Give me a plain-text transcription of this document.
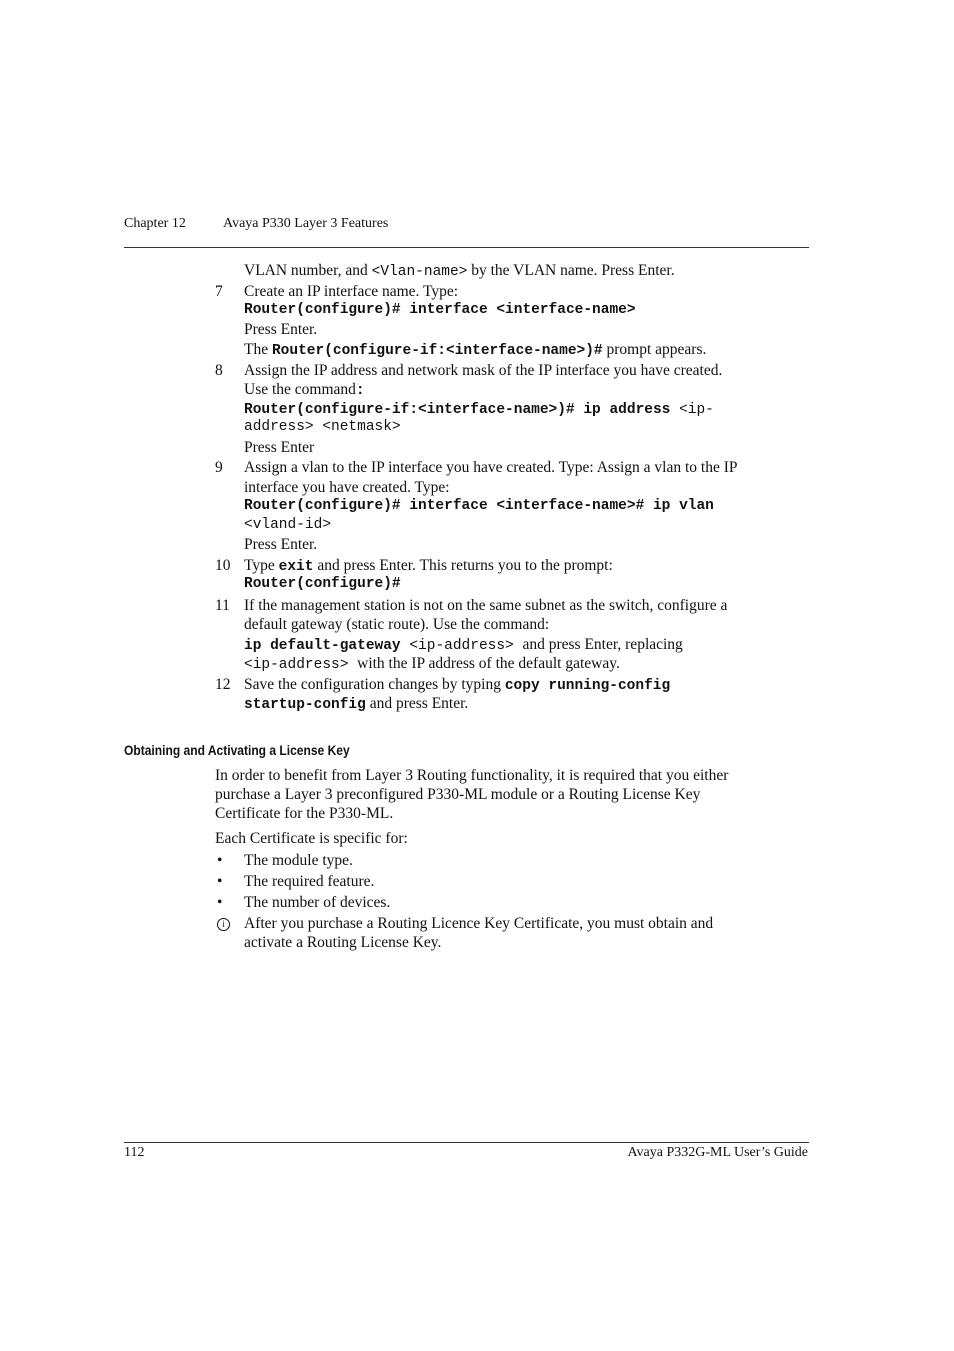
Chapter 12	Avaya P330 Layer 3 Features
VLAN number, and <Vlan-name> by the VLAN name. Press Enter.
7 Create an IP interface name. Type:
Router(configure)# interface <interface-name>
Press Enter.
The Router(configure-if:<interface-name>)# prompt appears.
8 Assign the IP address and network mask of the IP interface you have created.
Use the command:
Router(configure-if:<interface-name>)# ip address <ip-
address> <netmask>
Press Enter
9 Assign a vlan to the IP interface you have created. Type: Assign a vlan to the IP
interface you have created. Type:
Router(configure)# interface <interface-name># ip vlan
<vland-id>
Press Enter.
10 Type exit and press Enter. This returns you to the prompt:
Router(configure)#
11 If the management station is not on the same subnet as the switch, configure a
default gateway (static route). Use the command:
ip default-gateway <ip-address> and press Enter, replacing
<ip-address> with the IP address of the default gateway.
12 Save the configuration changes by typing copy running-config
startup-config and press Enter.
Obtaining and Activating a License Key
In order to benefit from Layer 3 Routing functionality, it is required that you either
purchase a Layer 3 preconfigured P330-ML module or a Routing License Key
Certificate for the P330-ML.
Each Certificate is specific for:
• The module type.
• The required feature.
• The number of devices.
i	After you purchase a Routing Licence Key Certificate, you must obtain and
activate a Routing License Key.
112	Avaya P332G-ML User’s Guide
